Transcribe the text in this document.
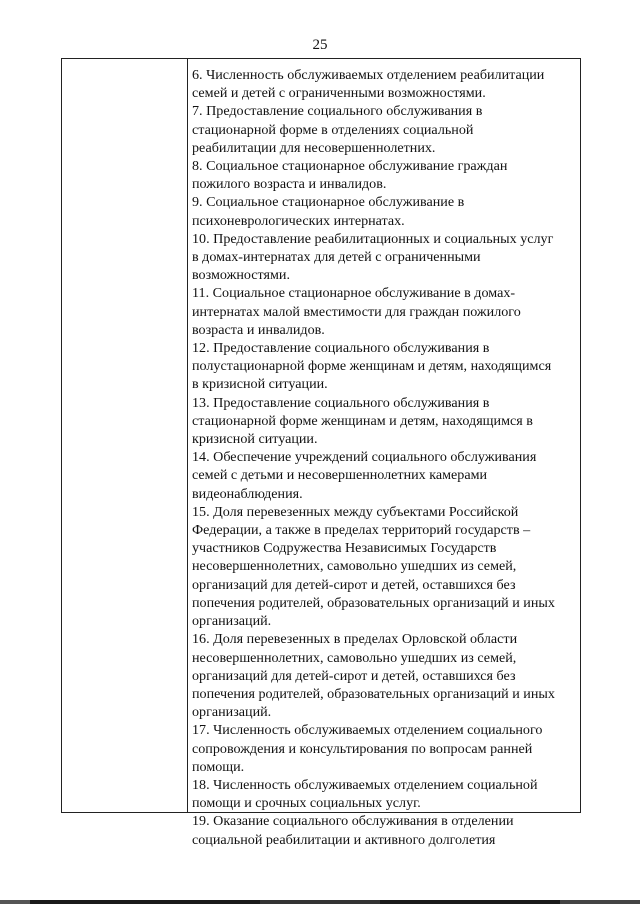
25
6. Численность обслуживаемых отделением реабилитации
семей и детей с ограниченными возможностями.
7. Предоставление социального обслуживания в
стационарной форме в отделениях социальной
реабилитации для несовершеннолетних.
8. Социальное стационарное обслуживание граждан
пожилого возраста и инвалидов.
9. Социальное стационарное обслуживание в
психоневрологических интернатах.
10. Предоставление реабилитационных и социальных услуг
в домах-интернатах для детей с ограниченными
возможностями.
11. Социальное стационарное обслуживание в домах-
интернатах малой вместимости для граждан пожилого
возраста и инвалидов.
12. Предоставление социального обслуживания в
полустационарной форме женщинам и детям, находящимся
в кризисной ситуации.
13. Предоставление социального обслуживания в
стационарной форме женщинам и детям, находящимся в
кризисной ситуации.
14. Обеспечение учреждений социального обслуживания
семей с детьми и несовершеннолетних камерами
видеонаблюдения.
15. Доля перевезенных между субъектами Российской
Федерации, а также в пределах территорий государств –
участников Содружества Независимых Государств
несовершеннолетних, самовольно ушедших из семей,
организаций для детей-сирот и детей, оставшихся без
попечения родителей, образовательных организаций и иных
организаций.
16. Доля перевезенных в пределах Орловской области
несовершеннолетних, самовольно ушедших из семей,
организаций для детей-сирот и детей, оставшихся без
попечения родителей, образовательных организаций и иных
организаций.
17. Численность обслуживаемых отделением социального
сопровождения и консультирования по вопросам ранней
помощи.
18. Численность обслуживаемых отделением социальной
помощи и срочных социальных услуг.
19. Оказание социального обслуживания в отделении
социальной реабилитации и активного долголетия
